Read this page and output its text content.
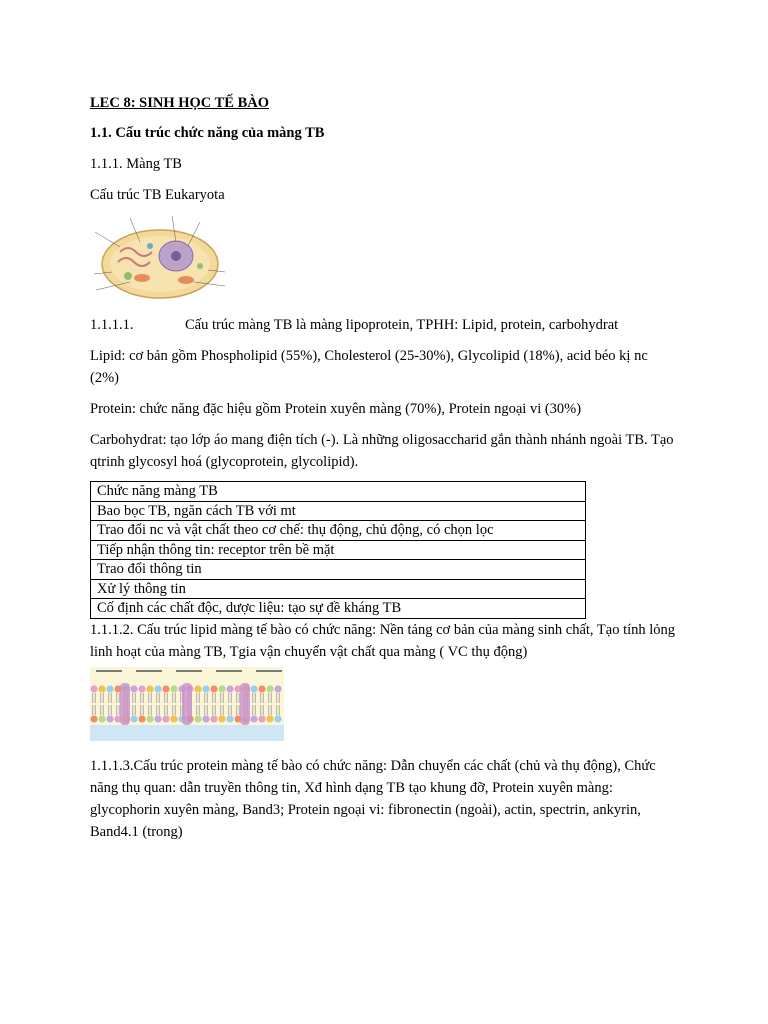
LEC 8: SINH HỌC TẾ BÀO

1.1. Cấu trúc chức năng của màng TB

1.1.1. Màng TB

Cấu trúc TB Eukaryota

1.1.1.1.	Cấu trúc màng TB là màng lipoprotein, TPHH: Lipid, protein, carbohydrat

Lipid: cơ bản gồm Phospholipid (55%), Cholesterol (25-30%), Glycolipid (18%), acid béo kị nc (2%)

Protein: chức năng đặc hiệu gồm Protein xuyên màng (70%), Protein ngoại vi (30%)

Carbohydrat: tạo lớp áo mang điện tích (-). Là những oligosaccharid gắn thành nhánh ngoài TB. Tạo qtrinh glycosyl hoá (glycoprotein, glycolipid).

Chức năng màng TB
Bao bọc TB, ngăn cách TB với mt
Trao đổi nc và vật chất theo cơ chế: thụ động, chủ động, có chọn lọc
Tiếp nhận thông tin: receptor trên bề mặt
Trao đổi thông tin
Xử lý thông tin
Cố định các chất độc, dược liệu: tạo sự đề kháng TB

1.1.1.2. Cấu trúc lipid màng tế bào có chức năng: Nền tảng cơ bản của màng sinh chất, Tạo tính lỏng linh hoạt của màng TB, Tgia vận chuyển vật chất qua màng ( VC thụ động)

1.1.1.3.Cấu trúc protein màng tế bào có chức năng: Dẫn chuyển các chất (chủ và thụ động), Chức năng thụ quan: dẫn truyền thông tin, Xđ hình dạng TB tạo khung đỡ, Protein xuyên màng: glycophorin xuyên màng, Band3; Protein ngoại vi: fibronectin (ngoài), actin, spectrin, ankyrin, Band4.1 (trong)
